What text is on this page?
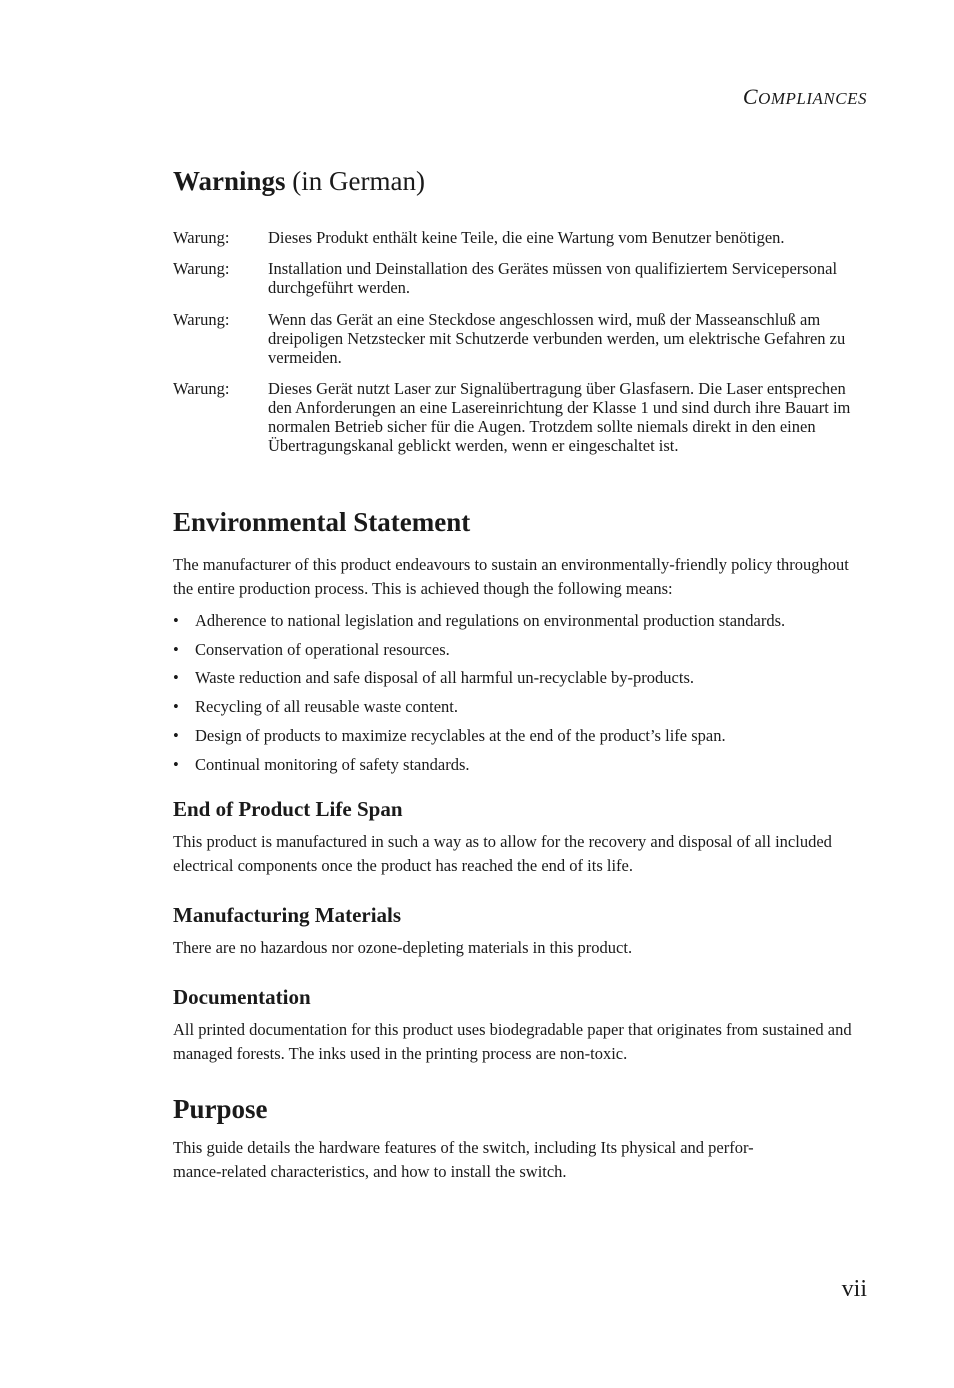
COMPLIANCES
Warnings (in German)
Warung:	Dieses Produkt enthält keine Teile, die eine Wartung vom Benutzer benötigen.
Warung:	Installation und Deinstallation des Gerätes müssen von qualifiziertem Servicepersonal durchgeführt werden.
Warung:	Wenn das Gerät an eine Steckdose angeschlossen wird, muß der Masseanschluß am dreipoligen Netzstecker mit Schutzerde verbunden werden, um elektrische Gefahren zu vermeiden.
Warung:	Dieses Gerät nutzt Laser zur Signalübertragung über Glasfasern. Die Laser entsprechen den Anforderungen an eine Lasereinrichtung der Klasse 1 und sind durch ihre Bauart im normalen Betrieb sicher für die Augen. Trotzdem sollte niemals direkt in den einen Übertragungskanal geblickt werden, wenn er eingeschaltet ist.
Environmental Statement

The manufacturer of this product endeavours to sustain an environmentally-friendly policy throughout the entire production process. This is achieved though the following means:

• Adherence to national legislation and regulations on environmental production standards.
• Conservation of operational resources.
• Waste reduction and safe disposal of all harmful un-recyclable by-products.
• Recycling of all reusable waste content.
• Design of products to maximize recyclables at the end of the product’s life span.
• Continual monitoring of safety standards.
End of Product Life Span

This product is manufactured in such a way as to allow for the recovery and disposal of all included electrical components once the product has reached the end of its life.

Manufacturing Materials

There are no hazardous nor ozone-depleting materials in this product.

Documentation

All printed documentation for this product uses biodegradable paper that originates from sustained and managed forests. The inks used in the printing process are non-toxic.

Purpose

This guide details the hardware features of the switch, including Its physical and perfor-
mance-related characteristics, and how to install the switch.

vii
